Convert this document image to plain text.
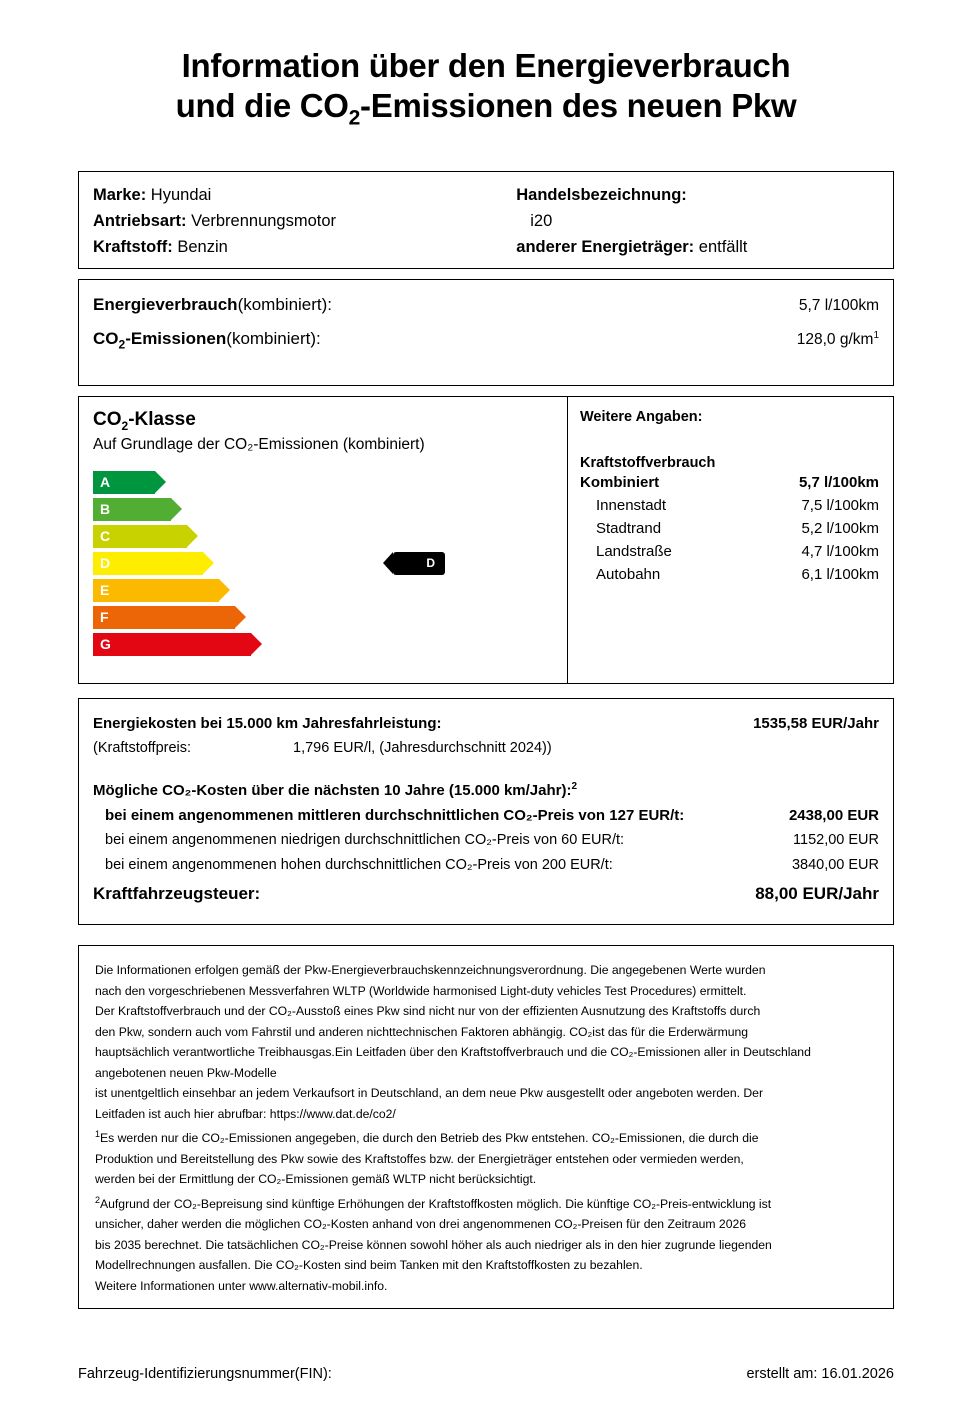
Information über den Energieverbrauch
und die $CO_2$-Emissionen des neuen Pkw
Marke: Hyundai
Antriebsart: Verbrennungsmotor
Kraftstoff: Benzin
Handelsbezeichnung:
i20
anderer Energieträger: entfällt
Energieverbrauch(kombiniert):	5,7 l/100km
$CO_2-Emissionen(kombiniert)$:	128,0 $g/km^1$
$CO_2$-Klasse
Auf Grundlage der CO₂-Emissionen (kombiniert)
A
B
C
D	D
E
F
G
Weitere Angaben:
Kraftstoffverbrauch
Kombiniert	5,7 l/100km
Innenstadt	7,5 l/100km
Stadtrand	5,2 l/100km
Landstraße	4,7 l/100km
Autobahn	6,1 l/100km
Energiekosten bei 15.000 km Jahresfahrleistung:	1535,58 EUR/Jahr
(Kraftstoffpreis:	1,796 EUR/l, (Jahresdurchschnitt 2024))
Mögliche CO₂-Kosten über die nächsten 10 Jahre (15.000 km/Jahr):$^2$
bei einem angenommenen mittleren durchschnittlichen CO₂-Preis von 127 EUR/t:	2438,00 EUR
bei einem angenommenen niedrigen durchschnittlichen CO₂-Preis von 60 EUR/t:	1152,00 EUR
bei einem angenommenen hohen durchschnittlichen CO₂-Preis von 200 EUR/t:	3840,00 EUR
Kraftfahrzeugsteuer:	88,00 EUR/Jahr

Die Informationen erfolgen gemäß der Pkw-Energieverbrauchskennzeichnungsverordnung. Die angegebenen Werte wurden

nach den vorgeschriebenen Messverfahren WLTP (Worldwide harmonised Light-duty vehicles Test Procedures) ermittelt.

Der Kraftstoffverbrauch und der CO₂-Ausstoß eines Pkw sind nicht nur von der effizienten Ausnutzung des Kraftstoffs durch

den Pkw, sondern auch vom Fahrstil und anderen nichttechnischen Faktoren abhängig. CO₂ist das für die Erderwärmung

hauptsächlich verantwortliche Treibhausgas.Ein Leitfaden über den Kraftstoffverbrauch und die CO₂-Emissionen aller in Deutschland

angebotenen neuen Pkw-Modelle

ist unentgeltlich einsehbar an jedem Verkaufsort in Deutschland, an dem neue Pkw ausgestellt oder angeboten werden. Der

Leitfaden ist auch hier abrufbar: https://www.dat.de/co2/

$^1$Es werden nur die CO₂-Emissionen angegeben, die durch den Betrieb des Pkw entstehen. CO₂-Emissionen, die durch die

Produktion und Bereitstellung des Pkw sowie des Kraftstoffes bzw. der Energieträger entstehen oder vermieden werden,

werden bei der Ermittlung der CO₂-Emissionen gemäß WLTP nicht berücksichtigt.

$^2$Aufgrund der CO₂-Bepreisung sind künftige Erhöhungen der Kraftstoffkosten möglich. Die künftige CO₂-Preis-entwicklung ist

unsicher, daher werden die möglichen CO₂-Kosten anhand von drei angenommenen CO₂-Preisen für den Zeitraum 2026

bis 2035 berechnet. Die tatsächlichen CO₂-Preise können sowohl höher als auch niedriger als in den hier zugrunde liegenden

Modellrechnungen ausfallen. Die CO₂-Kosten sind beim Tanken mit den Kraftstoffkosten zu bezahlen.

Weitere Informationen unter www.alternativ-mobil.info.

Fahrzeug-Identifizierungsnummer(FIN):	erstellt am: 16.01.2026
